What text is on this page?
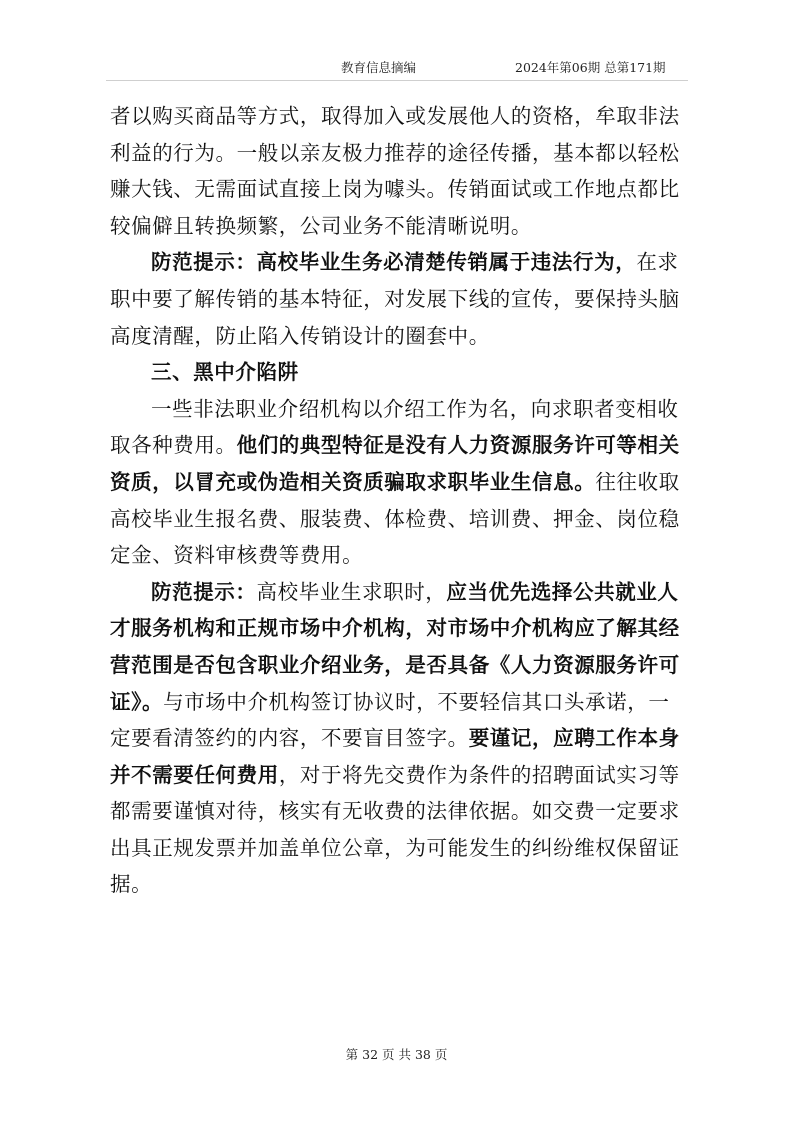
教育信息摘编	2024年第06期 总第171期

者以购买商品等方式，取得加入或发展他人的资格，牟取非法利益的行为。一般以亲友极力推荐的途径传播，基本都以轻松赚大钱、无需面试直接上岗为噱头。传销面试或工作地点都比较偏僻且转换频繁，公司业务不能清晰说明。

防范提示：高校毕业生务必清楚传销属于违法行为，在求职中要了解传销的基本特征，对发展下线的宣传，要保持头脑高度清醒，防止陷入传销设计的圈套中。

三、黑中介陷阱

一些非法职业介绍机构以介绍工作为名，向求职者变相收取各种费用。他们的典型特征是没有人力资源服务许可等相关资质，以冒充或伪造相关资质骗取求职毕业生信息。往往收取高校毕业生报名费、服装费、体检费、培训费、押金、岗位稳定金、资料审核费等费用。

防范提示：高校毕业生求职时，应当优先选择公共就业人才服务机构和正规市场中介机构，对市场中介机构应了解其经营范围是否包含职业介绍业务，是否具备《人力资源服务许可证》。与市场中介机构签订协议时，不要轻信其口头承诺，一定要看清签约的内容，不要盲目签字。要谨记，应聘工作本身并不需要任何费用，对于将先交费作为条件的招聘面试实习等都需要谨慎对待，核实有无收费的法律依据。如交费一定要求出具正规发票并加盖单位公章，为可能发生的纠纷维权保留证据。

第 32 页 共 38 页
